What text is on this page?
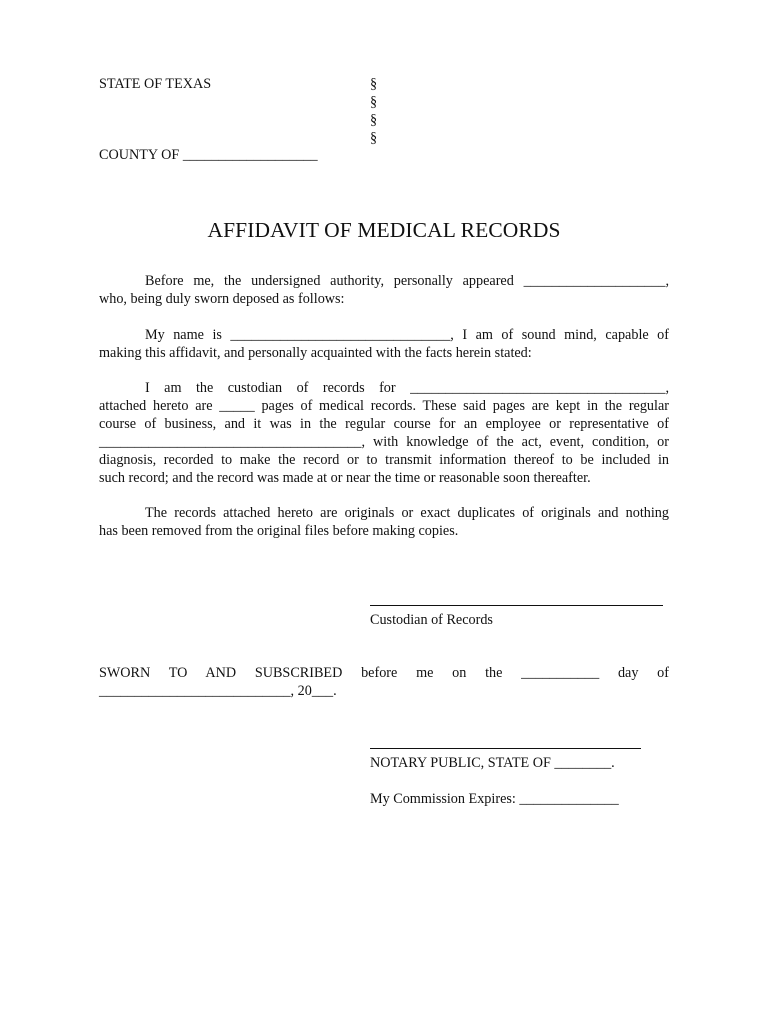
STATE OF TEXAS	§
§
§
§
COUNTY OF ___________________
AFFIDAVIT OF MEDICAL RECORDS
Before me, the undersigned authority, personally appeared ____________________,
who, being duly sworn deposed as follows:
My name is _______________________________, I am of sound mind, capable of
making this affidavit, and personally acquainted with the facts herein stated:
I am the custodian of records for ____________________________________,
attached hereto are _____ pages of medical records. These said pages are kept in the regular
course of business, and it was in the regular course for an employee or representative of
_____________________________________, with knowledge of the act, event, condition, or
diagnosis, recorded to make the record or to transmit information thereof to be included in
such record; and the record was made at or near the time or reasonable soon thereafter.
The records attached hereto are originals or exact duplicates of originals and nothing
has been removed from the original files before making copies.
Custodian of Records
SWORN TO AND SUBSCRIBED before me on the ___________ day of
___________________________, 20___.
NOTARY PUBLIC, STATE OF ________.
My Commission Expires: ______________
